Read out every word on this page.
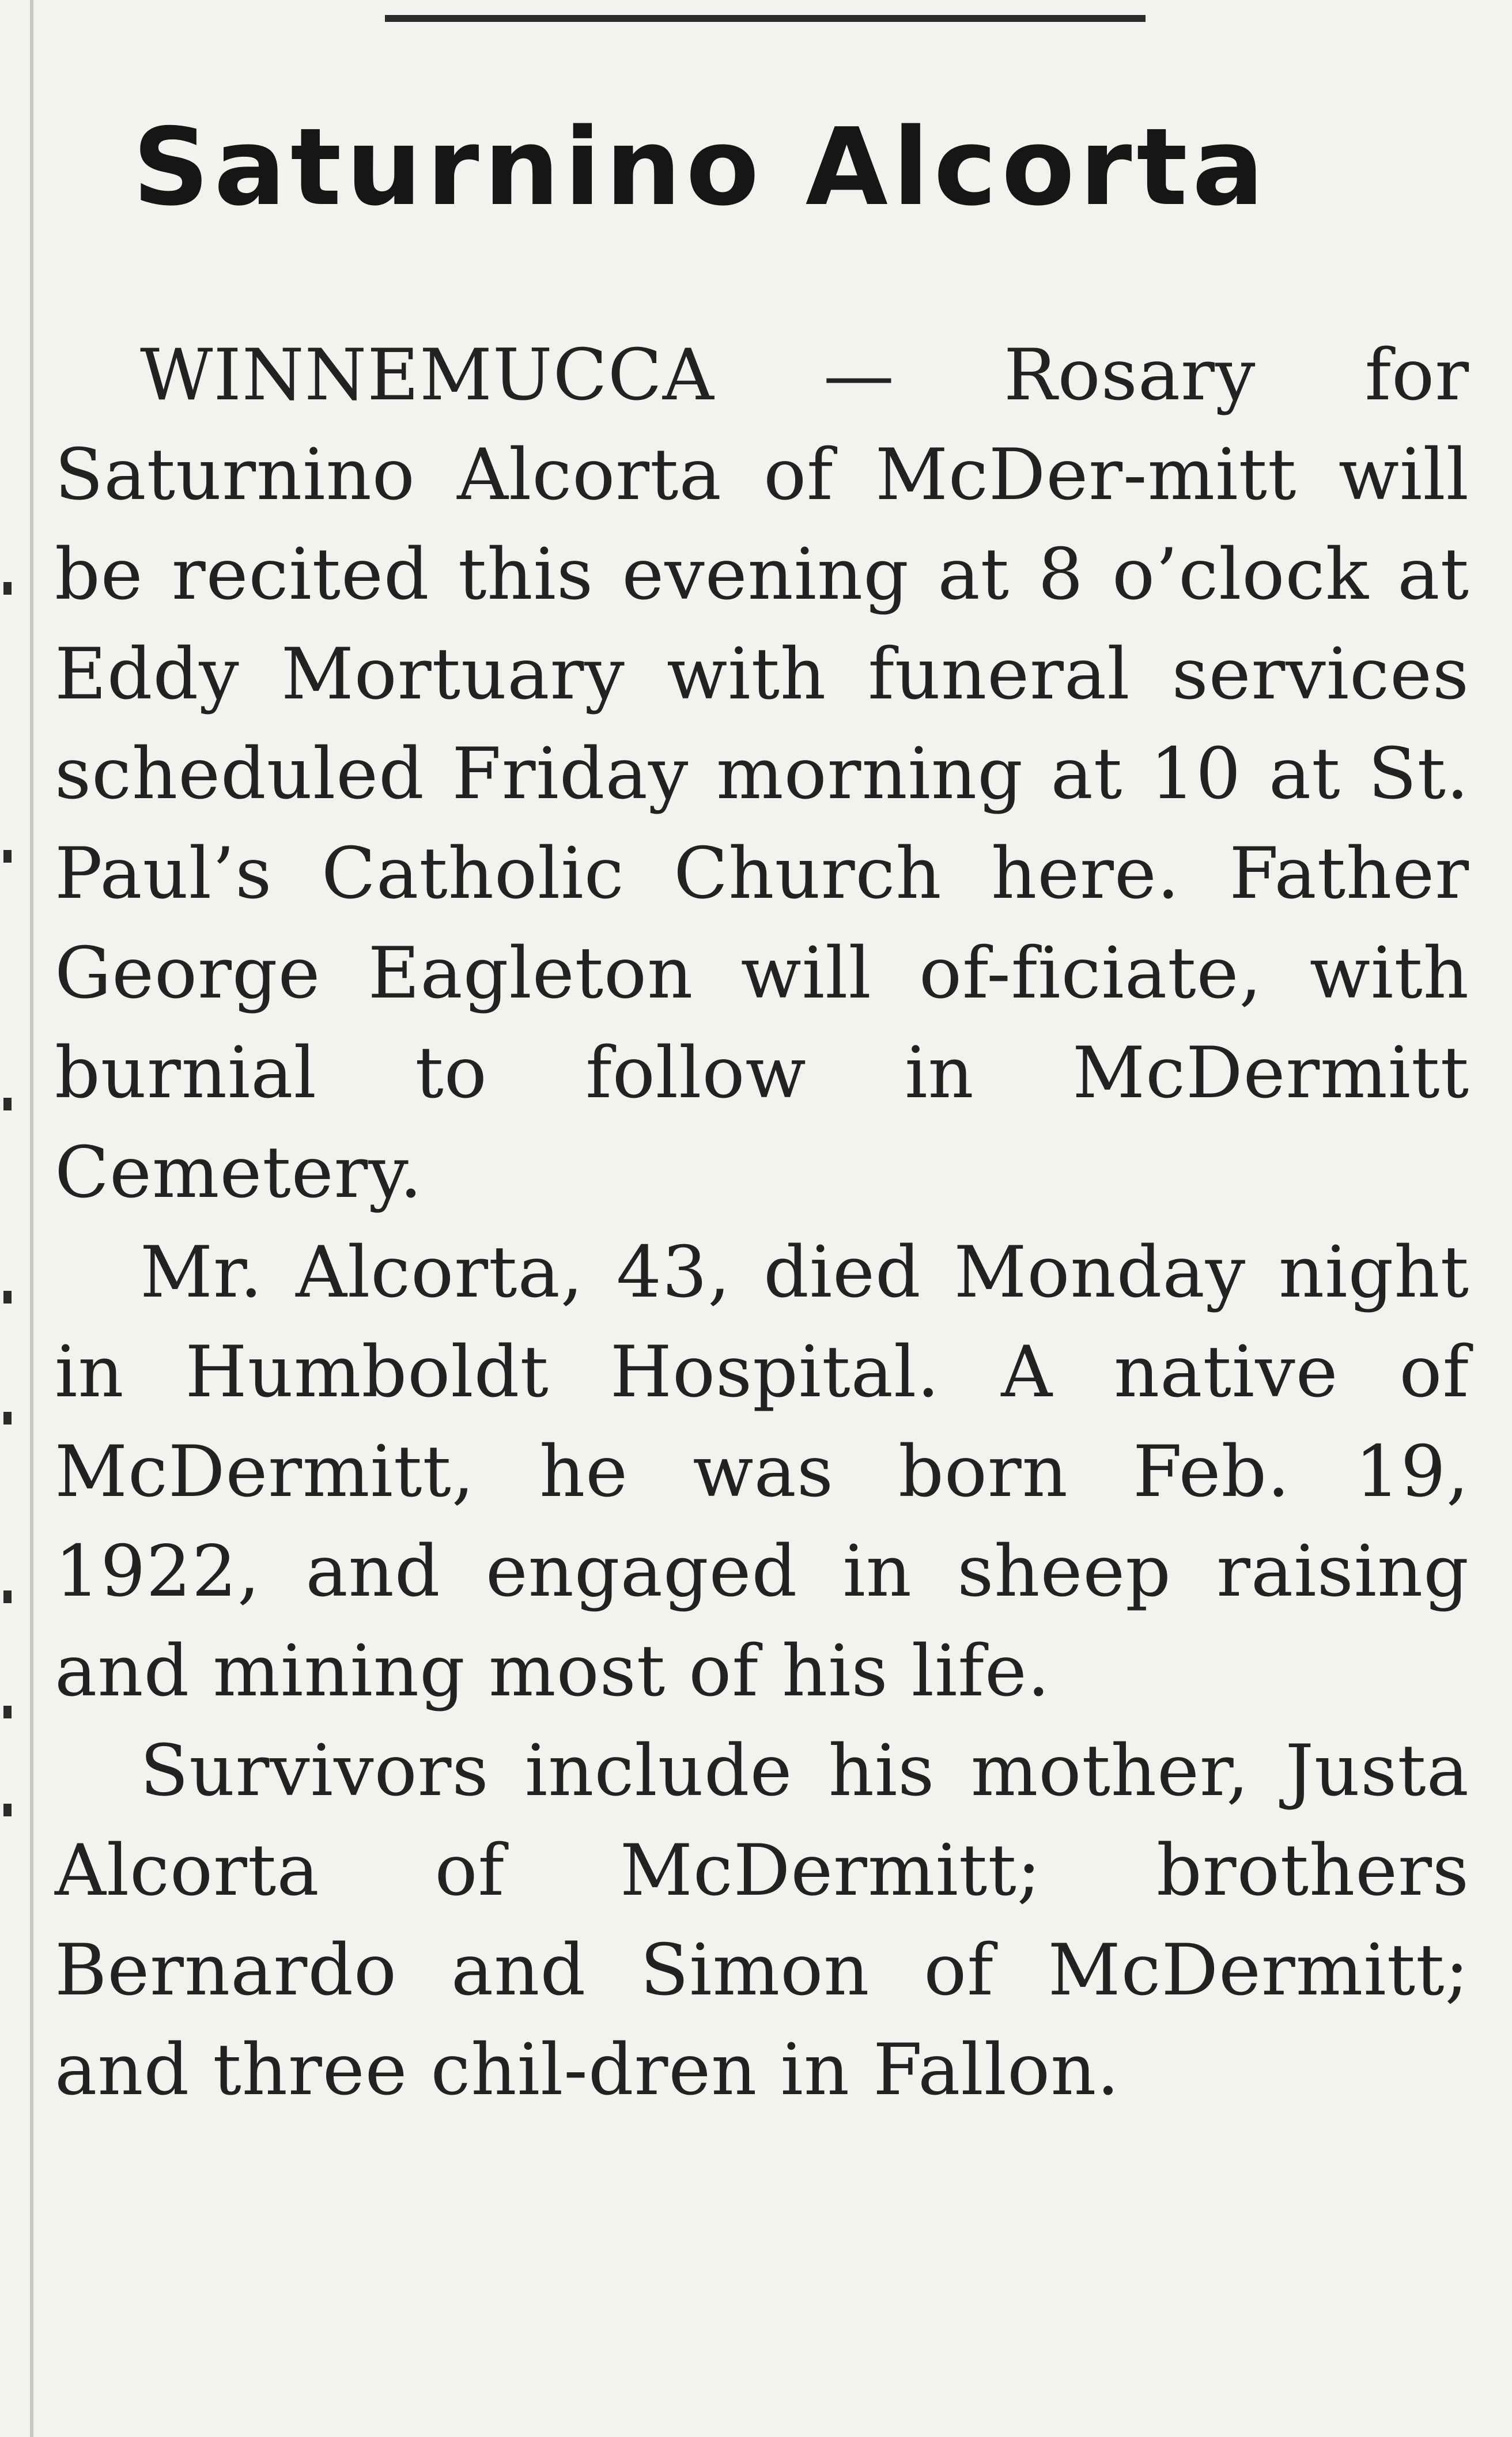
Saturnino Alcorta

WINNEMUCCA — Rosary for Saturnino Alcorta of McDer-mitt will be recited this evening at 8 o’clock at Eddy Mortuary with funeral services scheduled Friday morning at 10 at St. Paul’s Catholic Church here. Father George Eagleton will of-ficiate, with burnial to follow in McDermitt Cemetery.

Mr. Alcorta, 43, died Monday night in Humboldt Hospital. A native of McDermitt, he was born Feb. 19, 1922, and engaged in sheep raising and mining most of his life.

Survivors include his mother, Justa Alcorta of McDermitt; brothers Bernardo and Simon of McDermitt; and three chil-dren in Fallon.
